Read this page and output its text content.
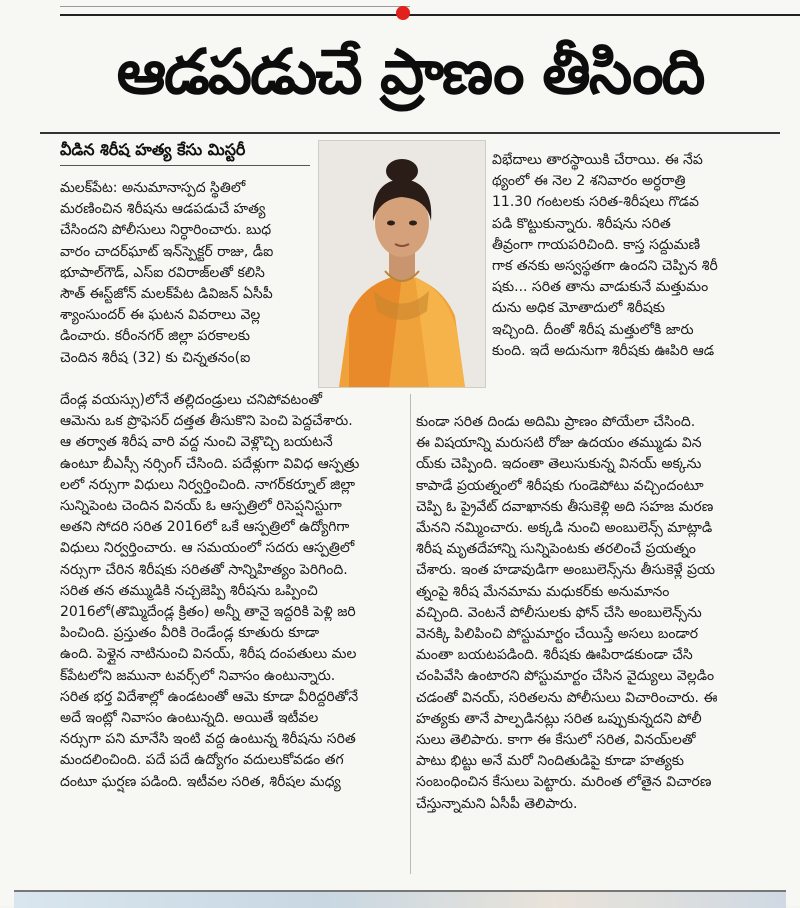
ఆడపడుచే ప్రాణం తీసింది
వీడిన శిరీష హత్య కేసు మిస్టరీ

మలక్‌పేట: అనుమానాస్పద స్థితిలో

మరణించిన శిరీషను ఆడపడుచే హత్య

చేసిందని పోలీసులు నిర్ధారించారు. బుధ

వారం చాదర్‌ఘాట్ ఇన్‌స్పెక్టర్ రాజు, డీఐ

భూపాల్‌గౌడ్, ఎస్ఐ రవిరాజ్‌లతో కలిసి

సౌత్ ఈస్ట్‌జోన్ మలక్‌పేట డివిజన్ ఏసీపీ

శ్యాంసుందర్ ఈ ఘటన వివరాలు వెల్ల

డించారు. కరీంనగర్ జిల్లా పరకాలకు

చెందిన శిరీష (32) కు చిన్నతనం(ఐ

దేండ్ల వయస్సు)లోనే తల్లిదండ్రులు చనిపోవటంతో

ఆమెను ఒక ప్రొఫెసర్ దత్తత తీసుకొని పెంచి పెద్దచేశారు.

ఆ తర్వాత శిరీష వారి వద్ద నుంచి వెళ్లొచ్చి బయటనే

ఉంటూ బీఎస్సీ నర్సింగ్ చేసింది. పదేళ్లుగా వివిధ ఆస్పత్రు

లలో నర్సుగా విధులు నిర్వర్తించింది. నాగర్‌కర్నూల్ జిల్లా

సున్నిపెంట చెందిన వినయ్ ఓ ఆస్పత్రిలో రిసెప్షనిస్టుగా

అతని సోదరి సరిత 2016లో ఒకే ఆస్పత్రిలో ఉద్యోగిగా

విధులు నిర్వర్తించారు. ఆ సమయంలో సదరు ఆస్పత్రిలో

నర్సుగా చేరిన శిరీషకు సరితతో సాన్నిహిత్యం పెరిగింది.

సరిత తన తమ్ముడికి నచ్చజెప్పి శిరీషను ఒప్పించి

2016లో(తొమ్మిదేండ్ల క్రితం) అన్నీ తానై ఇద్దరికి పెళ్లి జరి

పించింది. ప్రస్తుతం వీరికి రెండేండ్ల కూతురు కూడా

ఉంది. పెళ్లైన నాటినుంచి వినయ్, శిరీష దంపతులు మల

క్‌పేటలోని జమునా టవర్స్‌లో నివాసం ఉంటున్నారు.

సరిత భర్త విదేశాల్లో ఉండటంతో ఆమె కూడా వీరిద్దరితోనే

అదే ఇంట్లో నివాసం ఉంటున్నది. అయితే ఇటీవల

నర్సుగా పని మానేసి ఇంటి వద్ద ఉంటున్న శిరీషను సరిత

మందలించింది. పదే పదే ఉద్యోగం వదులుకోవడం తగ

దంటూ ఘర్షణ పడింది. ఇటీవల సరిత, శిరీషల మధ్య

విభేదాలు తారస్థాయికి చేరాయి. ఈ నేప

థ్యంలో ఈ నెల 2 శనివారం అర్ధరాత్రి

11.30 గంటలకు సరిత-శిరీషలు గొడవ

పడి కొట్టుకున్నారు. శిరీషను సరిత

తీవ్రంగా గాయపరిచింది. కాస్త సద్దుమణి

గాక తనకు అస్వస్థతగా ఉందని చెప్పిన శిరీ

షకు... సరిత తాను వాడుకునే మత్తుమం

దును అధిక మోతాదులో శిరీషకు

ఇచ్చింది. దీంతో శిరీష మత్తులోకి జారు

కుంది. ఇదే అదునుగా శిరీషకు ఊపిరి ఆడ

కుండా సరిత దిండు అదిమి ప్రాణం పోయేలా చేసింది.

ఈ విషయాన్ని మరుసటి రోజు ఉదయం తమ్ముడు విన

య్‌కు చెప్పింది. ఇదంతా తెలుసుకున్న వినయ్ అక్కను

కాపాడే ప్రయత్నంలో శిరీషకు గుండెపోటు వచ్చిందంటూ

చెప్పి ఓ ప్రైవేట్ దవాఖానకు తీసుకెళ్లి అది సహజ మరణ

మేనని నమ్మించారు. అక్కడి నుంచి అంబులెన్స్ మాట్లాడి

శిరీష మృతదేహాన్ని సున్నిపెంటకు తరలించే ప్రయత్నం

చేశారు. ఇంత హడావుడిగా అంబులెన్స్‌ను తీసుకెళ్లే ప్రయ

త్నంపై శిరీష మేనమామ మధుకర్‌కు అనుమానం

వచ్చింది. వెంటనే పోలీసులకు ఫోన్ చేసి అంబులెన్స్‌ను

వెనక్కి పిలిపించి పోస్టుమార్టం చేయిస్తే అసలు బండార

మంతా బయటపడింది. శిరీషకు ఊపిరాడకుండా చేసి

చంపివేసి ఉంటారని పోస్టుమార్టం చేసిన వైద్యులు వెల్లడిం

చడంతో వినయ్, సరితలను పోలీసులు విచారించారు. ఈ

హత్యకు తానే పాల్పడినట్లు సరిత ఒప్పుకున్నదని పోలీ

సులు తెలిపారు. కాగా ఈ కేసులో సరిత, వినయ్‌లతో

పాటు భిట్టు అనే మరో నిందితుడిపై కూడా హత్యకు

సంబంధించిన కేసులు పెట్టారు. మరింత లోతైన విచారణ

చేస్తున్నామని ఏసీపీ తెలిపారు.
